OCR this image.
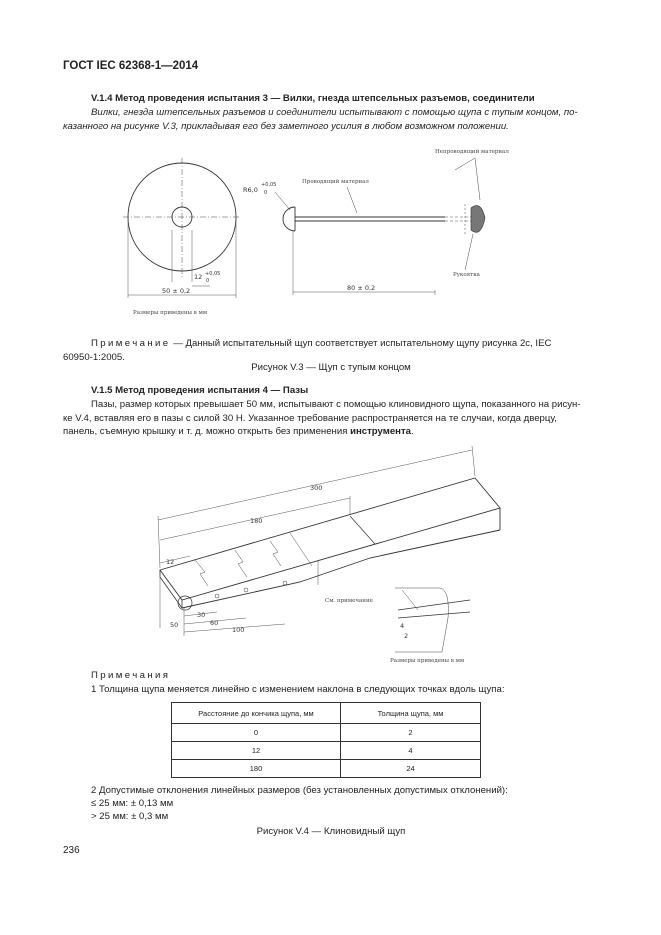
ГОСТ IEC 62368-1—2014
V.1.4 Метод проведения испытания 3 — Вилки, гнезда штепсельных разъемов, соединители
Вилки, гнезда штепсельных разъемов и соединители испытывают с помощью щупа с тупым концом, по-
казанного на рисунке V.3, прикладывая его без заметного усилия в любом возможном положении.
12 +0,05
0
50 ± 0,2
Размеры приведены в мм
R6,0
+0,05
0
Проводящий материал
Непроводящий материал
Рукоятка
80 ± 0,2
Примечание — Данный испытательный щуп соответствует испытательному щупу рисунка 2с, IEC
60950-1:2005.
Рисунок V.3 — Щуп с тупым концом
V.1.5 Метод проведения испытания 4 — Пазы
Пазы, размер которых превышает 50 мм, испытывают с помощью клиновидного щупа, показанного на рисун-
ке V.4, вставляя его в пазы с силой 30 Н. Указанное требование распространяется на те случаи, когда дверцу,
панель, съемную крышку и т. д. можно открыть без применения инструмента.
300
180
12
50
30
60
100
См. примечание
4
2
Размеры приведены в мм
Примечания
1 Толщина щупа меняется линейно с изменением наклона в следующих точках вдоль щупа:
Расстояние до кончика щупа, мм	Толщина щупа, мм
0	2
12	4
180	24
2 Допустимые отклонения линейных размеров (без установленных допустимых отклонений):
≤ 25 мм: ± 0,13 мм
> 25 мм: ± 0,3 мм
Рисунок V.4 — Клиновидный щуп
236
